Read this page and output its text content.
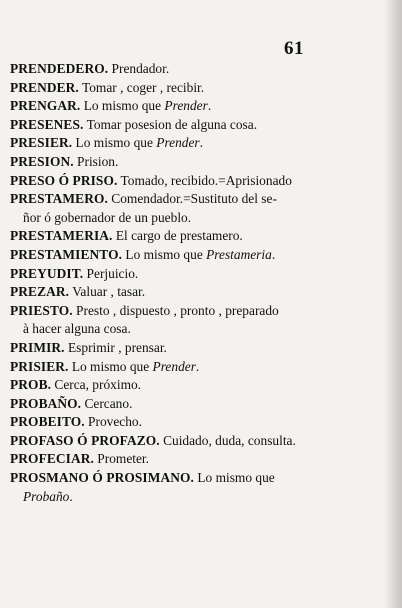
61
PRENDEDERO. Prendador.
PRENDER. Tomar , coger , recibir.
PRENGAR. Lo mismo que Prender.
PRESENES. Tomar posesion de alguna cosa.
PRESIER. Lo mismo que Prender.
PRESION. Prision.
PRESO Ó PRISO. Tomado, recibido.=Aprisionado
PRESTAMERO. Comendador.=Sustituto del se-
ñor ó gobernador de un pueblo.
PRESTAMERIA. El cargo de prestamero.
PRESTAMIENTO. Lo mismo que Prestameria.
PREYUDIT. Perjuicio.
PREZAR. Valuar , tasar.
PRIESTO. Presto , dispuesto , pronto , preparado
à hacer alguna cosa.
PRIMIR. Esprimir , prensar.
PRISIER. Lo mismo que Prender.
PROB. Cerca, próximo.
PROBAÑO. Cercano.
PROBEITO. Provecho.
PROFASO Ó PROFAZO. Cuidado, duda, consulta.
PROFECIAR. Prometer.
PROSMANO Ó PROSIMANO. Lo mismo que
Probaño.
